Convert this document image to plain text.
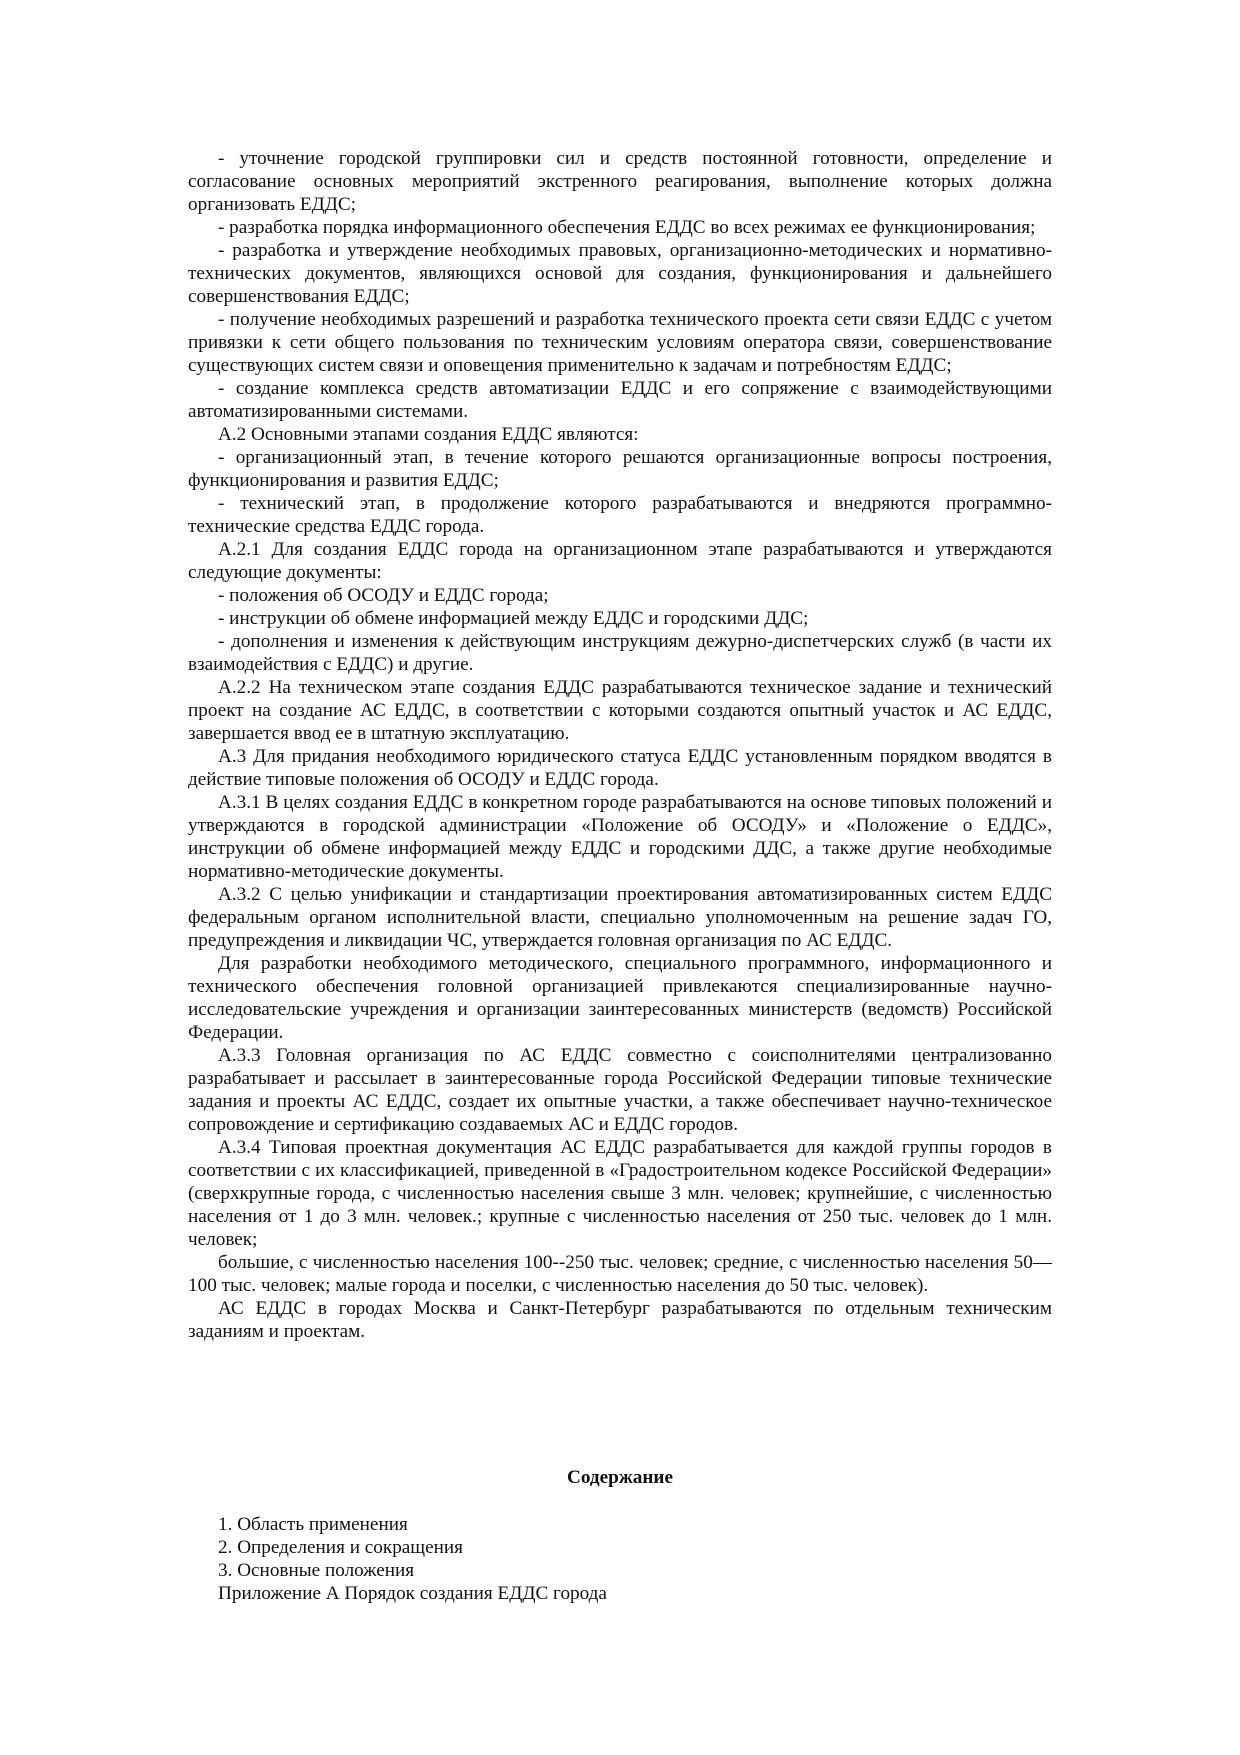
- уточнение городской группировки сил и средств постоянной готовности, определение и согласование основных мероприятий экстренного реагирования, выполнение которых должна организовать ЕДДС;

- разработка порядка информационного обеспечения ЕДДС во всех режимах ее функционирования;

- разработка и утверждение необходимых правовых, организационно-методических и нормативно-технических документов, являющихся основой для создания, функционирования и дальнейшего совершенствования ЕДДС;

- получение необходимых разрешений и разработка технического проекта сети связи ЕДДС с учетом привязки к сети общего пользования по техническим условиям оператора связи, совершенствование существующих систем связи и оповещения применительно к задачам и потребностям ЕДДС;

- создание комплекса средств автоматизации ЕДДС и его сопряжение с взаимодействующими автоматизированными системами.

А.2 Основными этапами создания ЕДДС являются:

- организационный этап, в течение которого решаются организационные вопросы построения, функционирования и развития ЕДДС;

- технический этап, в продолжение которого разрабатываются и внедряются программно-технические средства ЕДДС города.

А.2.1 Для создания ЕДДС города на организационном этапе разрабатываются и утверждаются следующие документы:

- положения об ОСОДУ и ЕДДС города;

- инструкции об обмене информацией между ЕДДС и городскими ДДС;

- дополнения и изменения к действующим инструкциям дежурно-диспетчерских служб (в части их взаимодействия с ЕДДС) и другие.

А.2.2 На техническом этапе создания ЕДДС разрабатываются техническое задание и технический проект на создание АС ЕДДС, в соответствии с которыми создаются опытный участок и АС ЕДДС, завершается ввод ее в штатную эксплуатацию.

А.3 Для придания необходимого юридического статуса ЕДДС установленным порядком вводятся в действие типовые положения об ОСОДУ и ЕДДС города.

А.3.1 В целях создания ЕДДС в конкретном городе разрабатываются на основе типовых положений и утверждаются в городской администрации «Положение об ОСОДУ» и «Положение о ЕДДС», инструкции об обмене информацией между ЕДДС и городскими ДДС, а также другие необходимые нормативно-методические документы.

А.3.2 С целью унификации и стандартизации проектирования автоматизированных систем ЕДДС федеральным органом исполнительной власти, специально уполномоченным на решение задач ГО, предупреждения и ликвидации ЧС, утверждается головная организация по АС ЕДДС.

Для разработки необходимого методического, специального программного, информационного и технического обеспечения головной организацией привлекаются специализированные научно-исследовательские учреждения и организации заинтересованных министерств (ведомств) Российской Федерации.

А.3.3 Головная организация по АС ЕДДС совместно с соисполнителями централизованно разрабатывает и рассылает в заинтересованные города Российской Федерации типовые технические задания и проекты АС ЕДДС, создает их опытные участки, а также обеспечивает научно-техническое сопровождение и сертификацию создаваемых АС и ЕДДС городов.

А.3.4 Типовая проектная документация АС ЕДДС разрабатывается для каждой группы городов в соответствии с их классификацией, приведенной в «Градостроительном кодексе Российской Федерации» (сверхкрупные города, с численностью населения свыше 3 млн. человек; крупнейшие, с численностью населения от 1 до 3 млн. человек.; крупные с численностью населения от 250 тыс. человек до 1 млн. человек;

большие, с численностью населения 100--250 тыс. человек; средние, с численностью населения 50—100 тыс. человек; малые города и поселки, с численностью населения до 50 тыс. человек).

АС ЕДДС в городах Москва и Санкт-Петербург разрабатываются по отдельным техническим заданиям и проектам.

Содержание
1. Область применения
2. Определения и сокращения
3. Основные положения
Приложение А Порядок создания ЕДДС города
